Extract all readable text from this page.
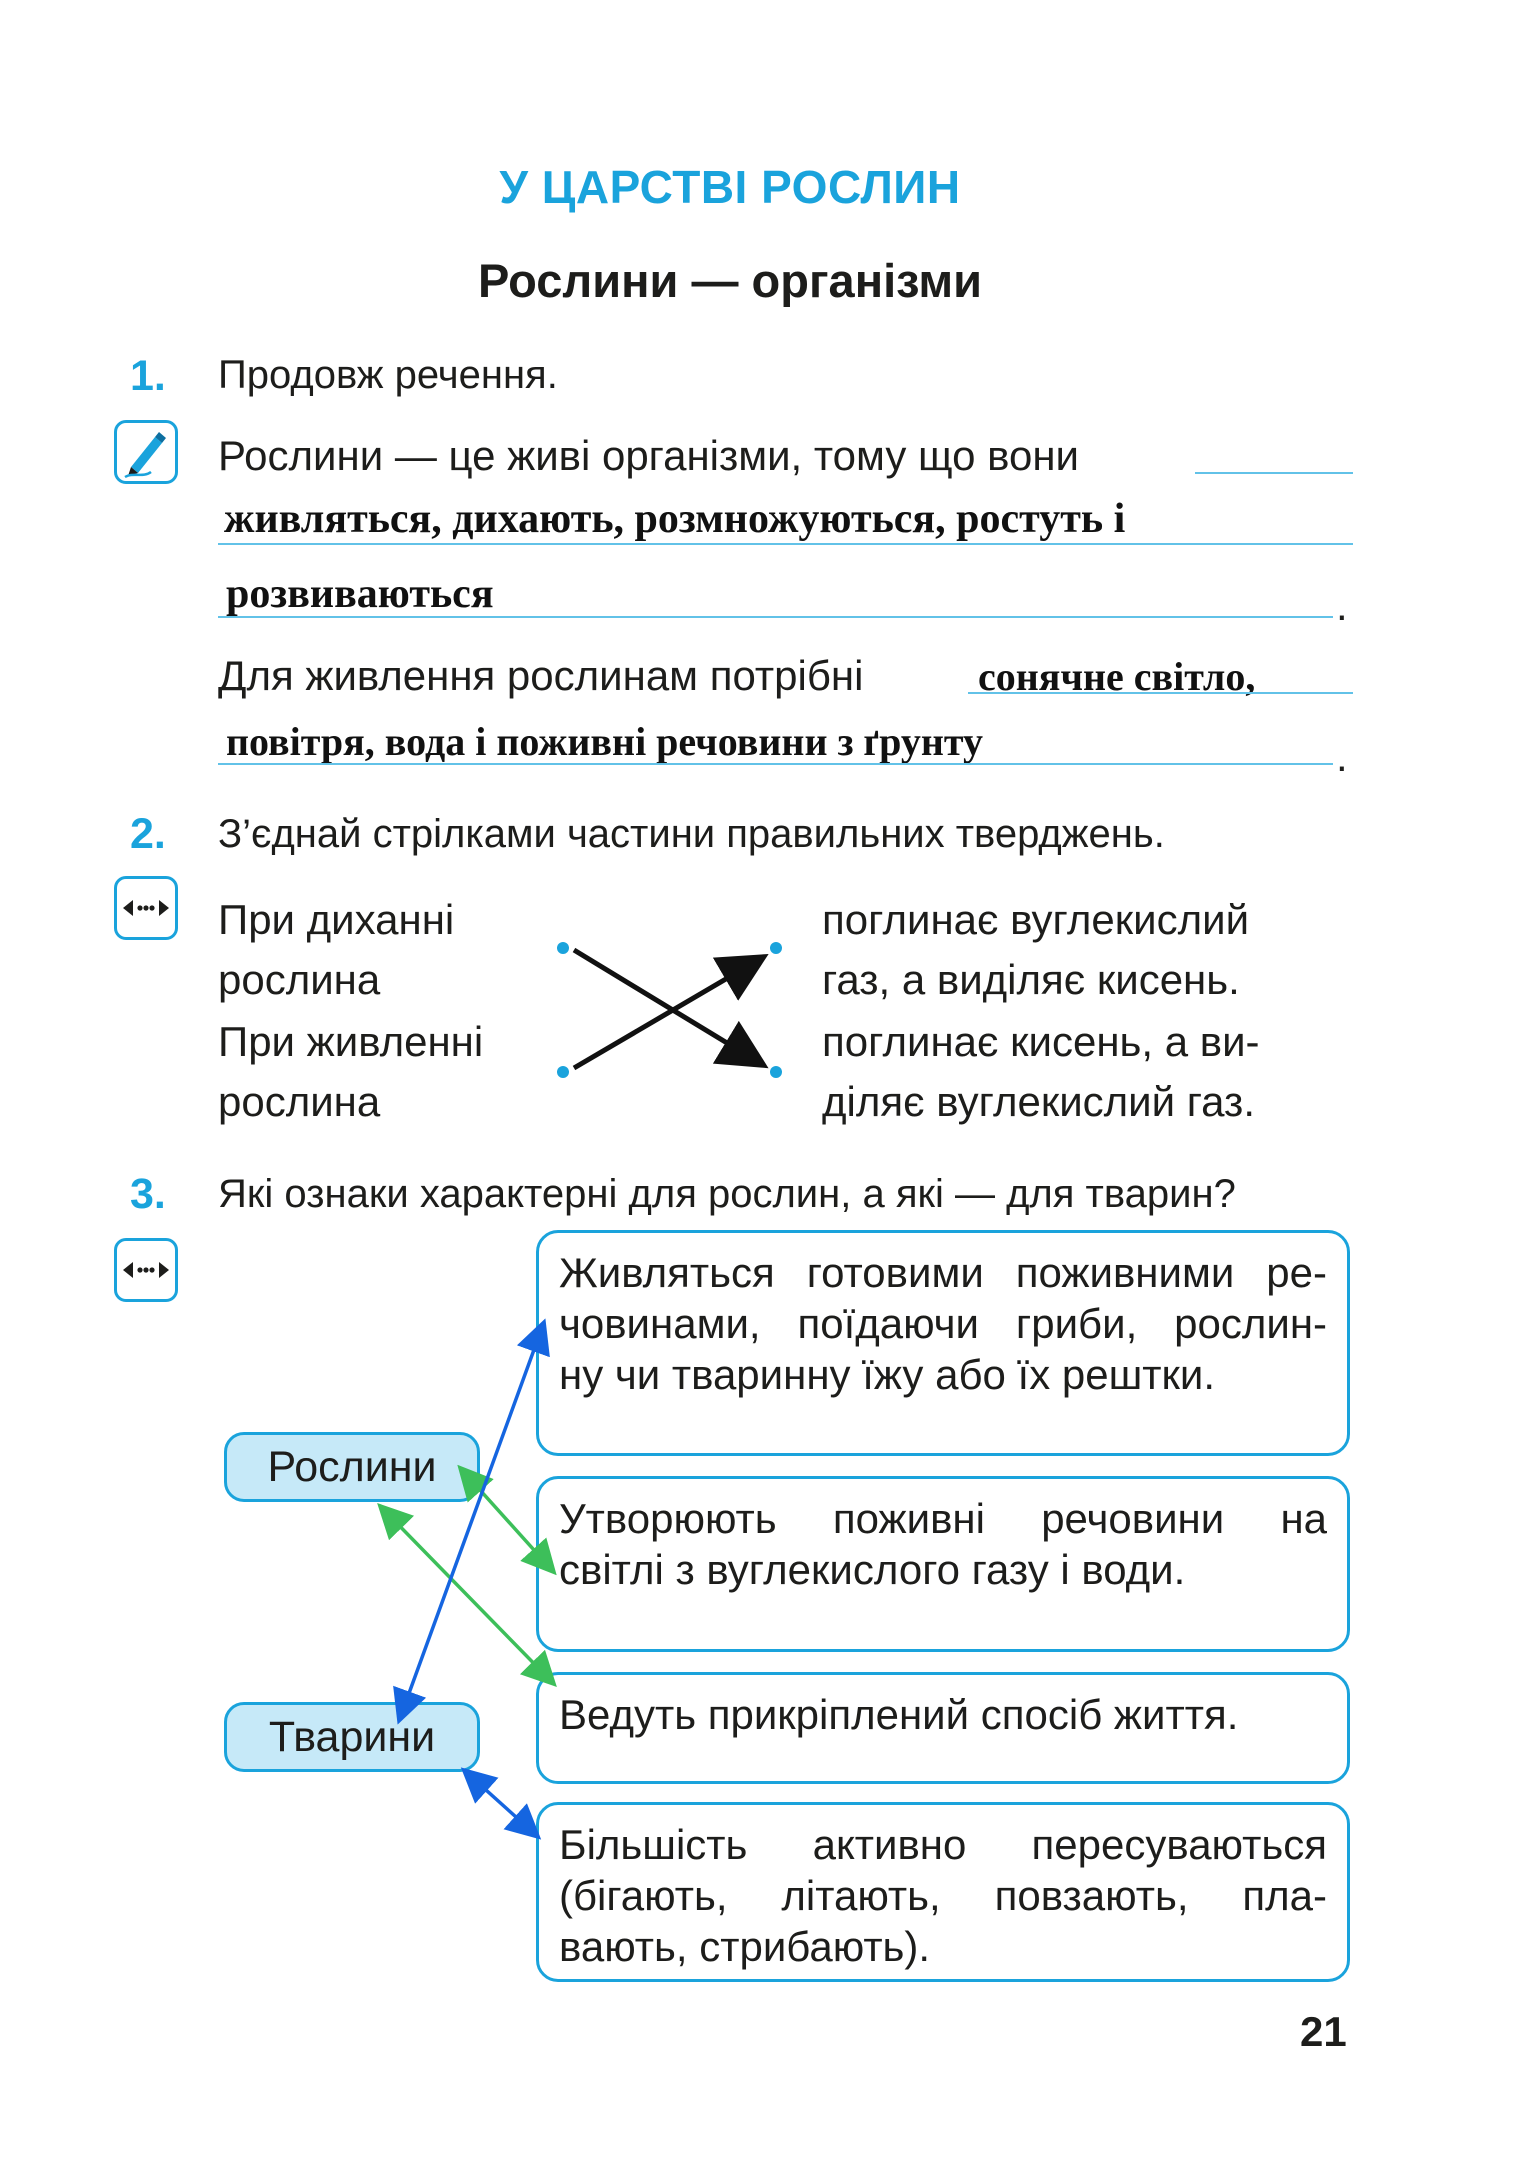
У ЦАРСТВІ РОСЛИН
Рослини — організми
1. Продовж речення.
Рослини — це живі організми, тому що вони
живляться, дихають, розмножуються, ростуть і
розвиваються	.
Для живлення рослинам потрібні	сонячне світло,
повітря, вода і поживні речовини з ґрунту	.
2. З’єднай стрілками частини правильних тверджень.
При диханні
рослина
При живленні
рослина
поглинає вуглекислий
газ, а виділяє кисень.
поглинає кисень, а ви-
діляє вуглекислий газ.
3. Які ознаки характерні для рослин, а які — для тварин?
Рослини
Тварини
Живляться готовими поживними ре-
човинами, поїдаючи гриби, рослин-
ну чи тваринну їжу або їх рештки.
Утворюють поживні речовини на
світлі з вуглекислого газу і води.
Ведуть прикріплений спосіб життя.
Більшість активно пересуваються
(бігають, літають, повзають, пла-
вають, стрибають).
21
